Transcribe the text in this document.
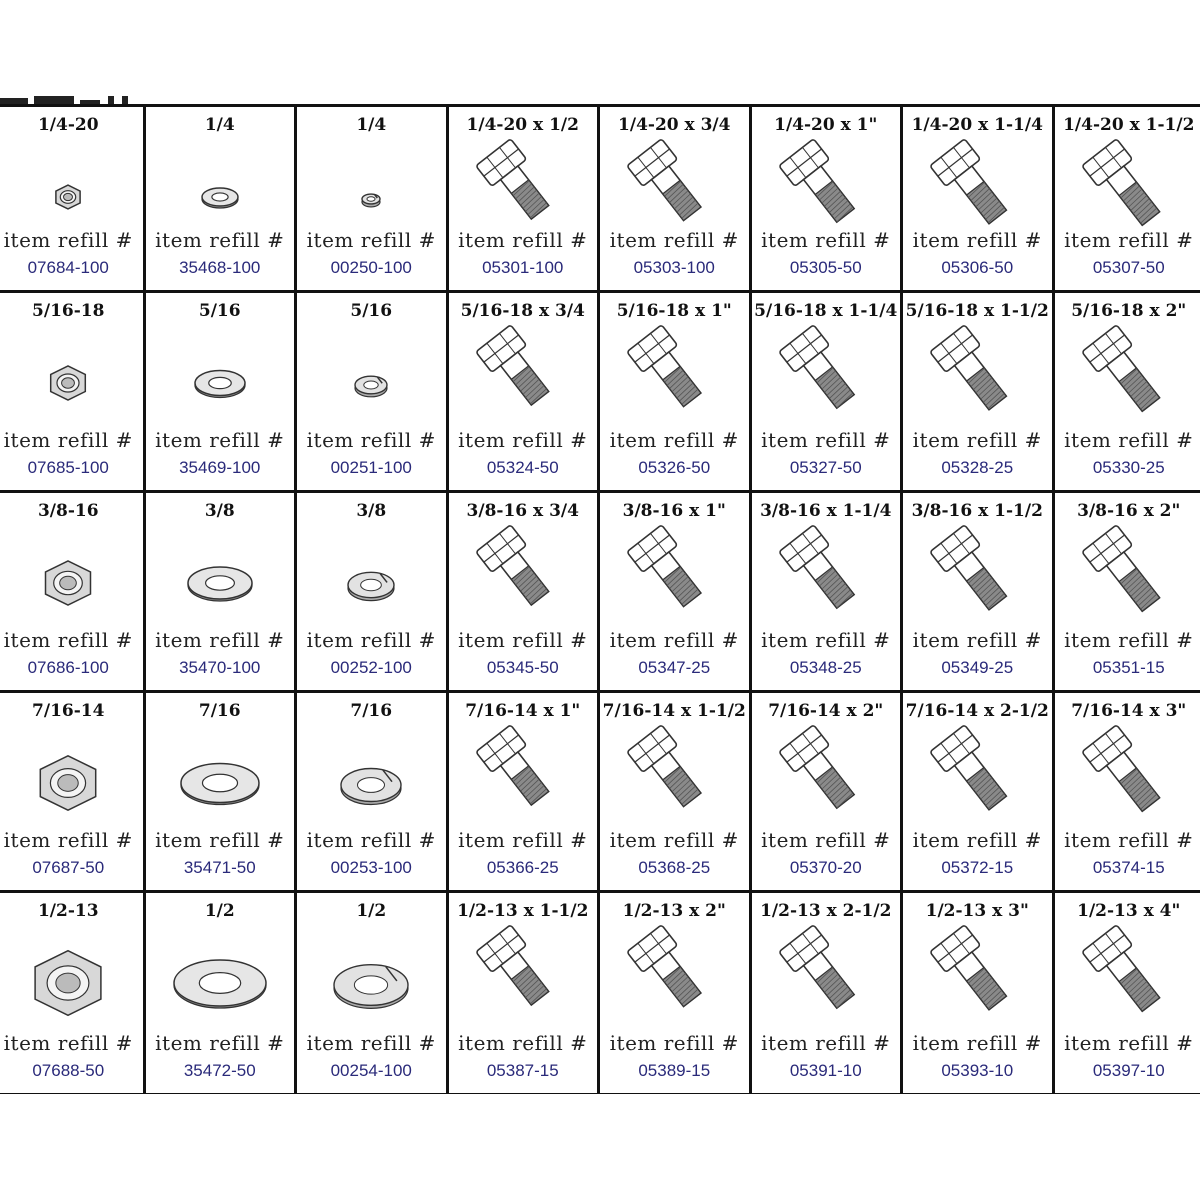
1/4-20
item refill #
07684-100
1/4
item refill #
35468-100
1/4
item refill #
00250-100
1/4-20 x 1/2
item refill #
05301-100
1/4-20 x 3/4
item refill #
05303-100
1/4-20 x 1"
item refill #
05305-50
1/4-20 x 1-1/4
item refill #
05306-50
1/4-20 x 1-1/2
item refill #
05307-50
5/16-18
item refill #
07685-100
5/16
item refill #
35469-100
5/16
item refill #
00251-100
5/16-18 x 3/4
item refill #
05324-50
5/16-18 x 1"
item refill #
05326-50
5/16-18 x 1-1/4
item refill #
05327-50
5/16-18 x 1-1/2
item refill #
05328-25
5/16-18 x 2"
item refill #
05330-25
3/8-16
item refill #
07686-100
3/8
item refill #
35470-100
3/8
item refill #
00252-100
3/8-16 x 3/4
item refill #
05345-50
3/8-16 x 1"
item refill #
05347-25
3/8-16 x 1-1/4
item refill #
05348-25
3/8-16 x 1-1/2
item refill #
05349-25
3/8-16 x 2"
item refill #
05351-15
7/16-14
item refill #
07687-50
7/16
item refill #
35471-50
7/16
item refill #
00253-100
7/16-14 x 1"
item refill #
05366-25
7/16-14 x 1-1/2
item refill #
05368-25
7/16-14 x 2"
item refill #
05370-20
7/16-14 x 2-1/2
item refill #
05372-15
7/16-14 x 3"
item refill #
05374-15
1/2-13
item refill #
07688-50
1/2
item refill #
35472-50
1/2
item refill #
00254-100
1/2-13 x 1-1/2
item refill #
05387-15
1/2-13 x 2"
item refill #
05389-15
1/2-13 x 2-1/2
item refill #
05391-10
1/2-13 x 3"
item refill #
05393-10
1/2-13 x 4"
item refill #
05397-10
